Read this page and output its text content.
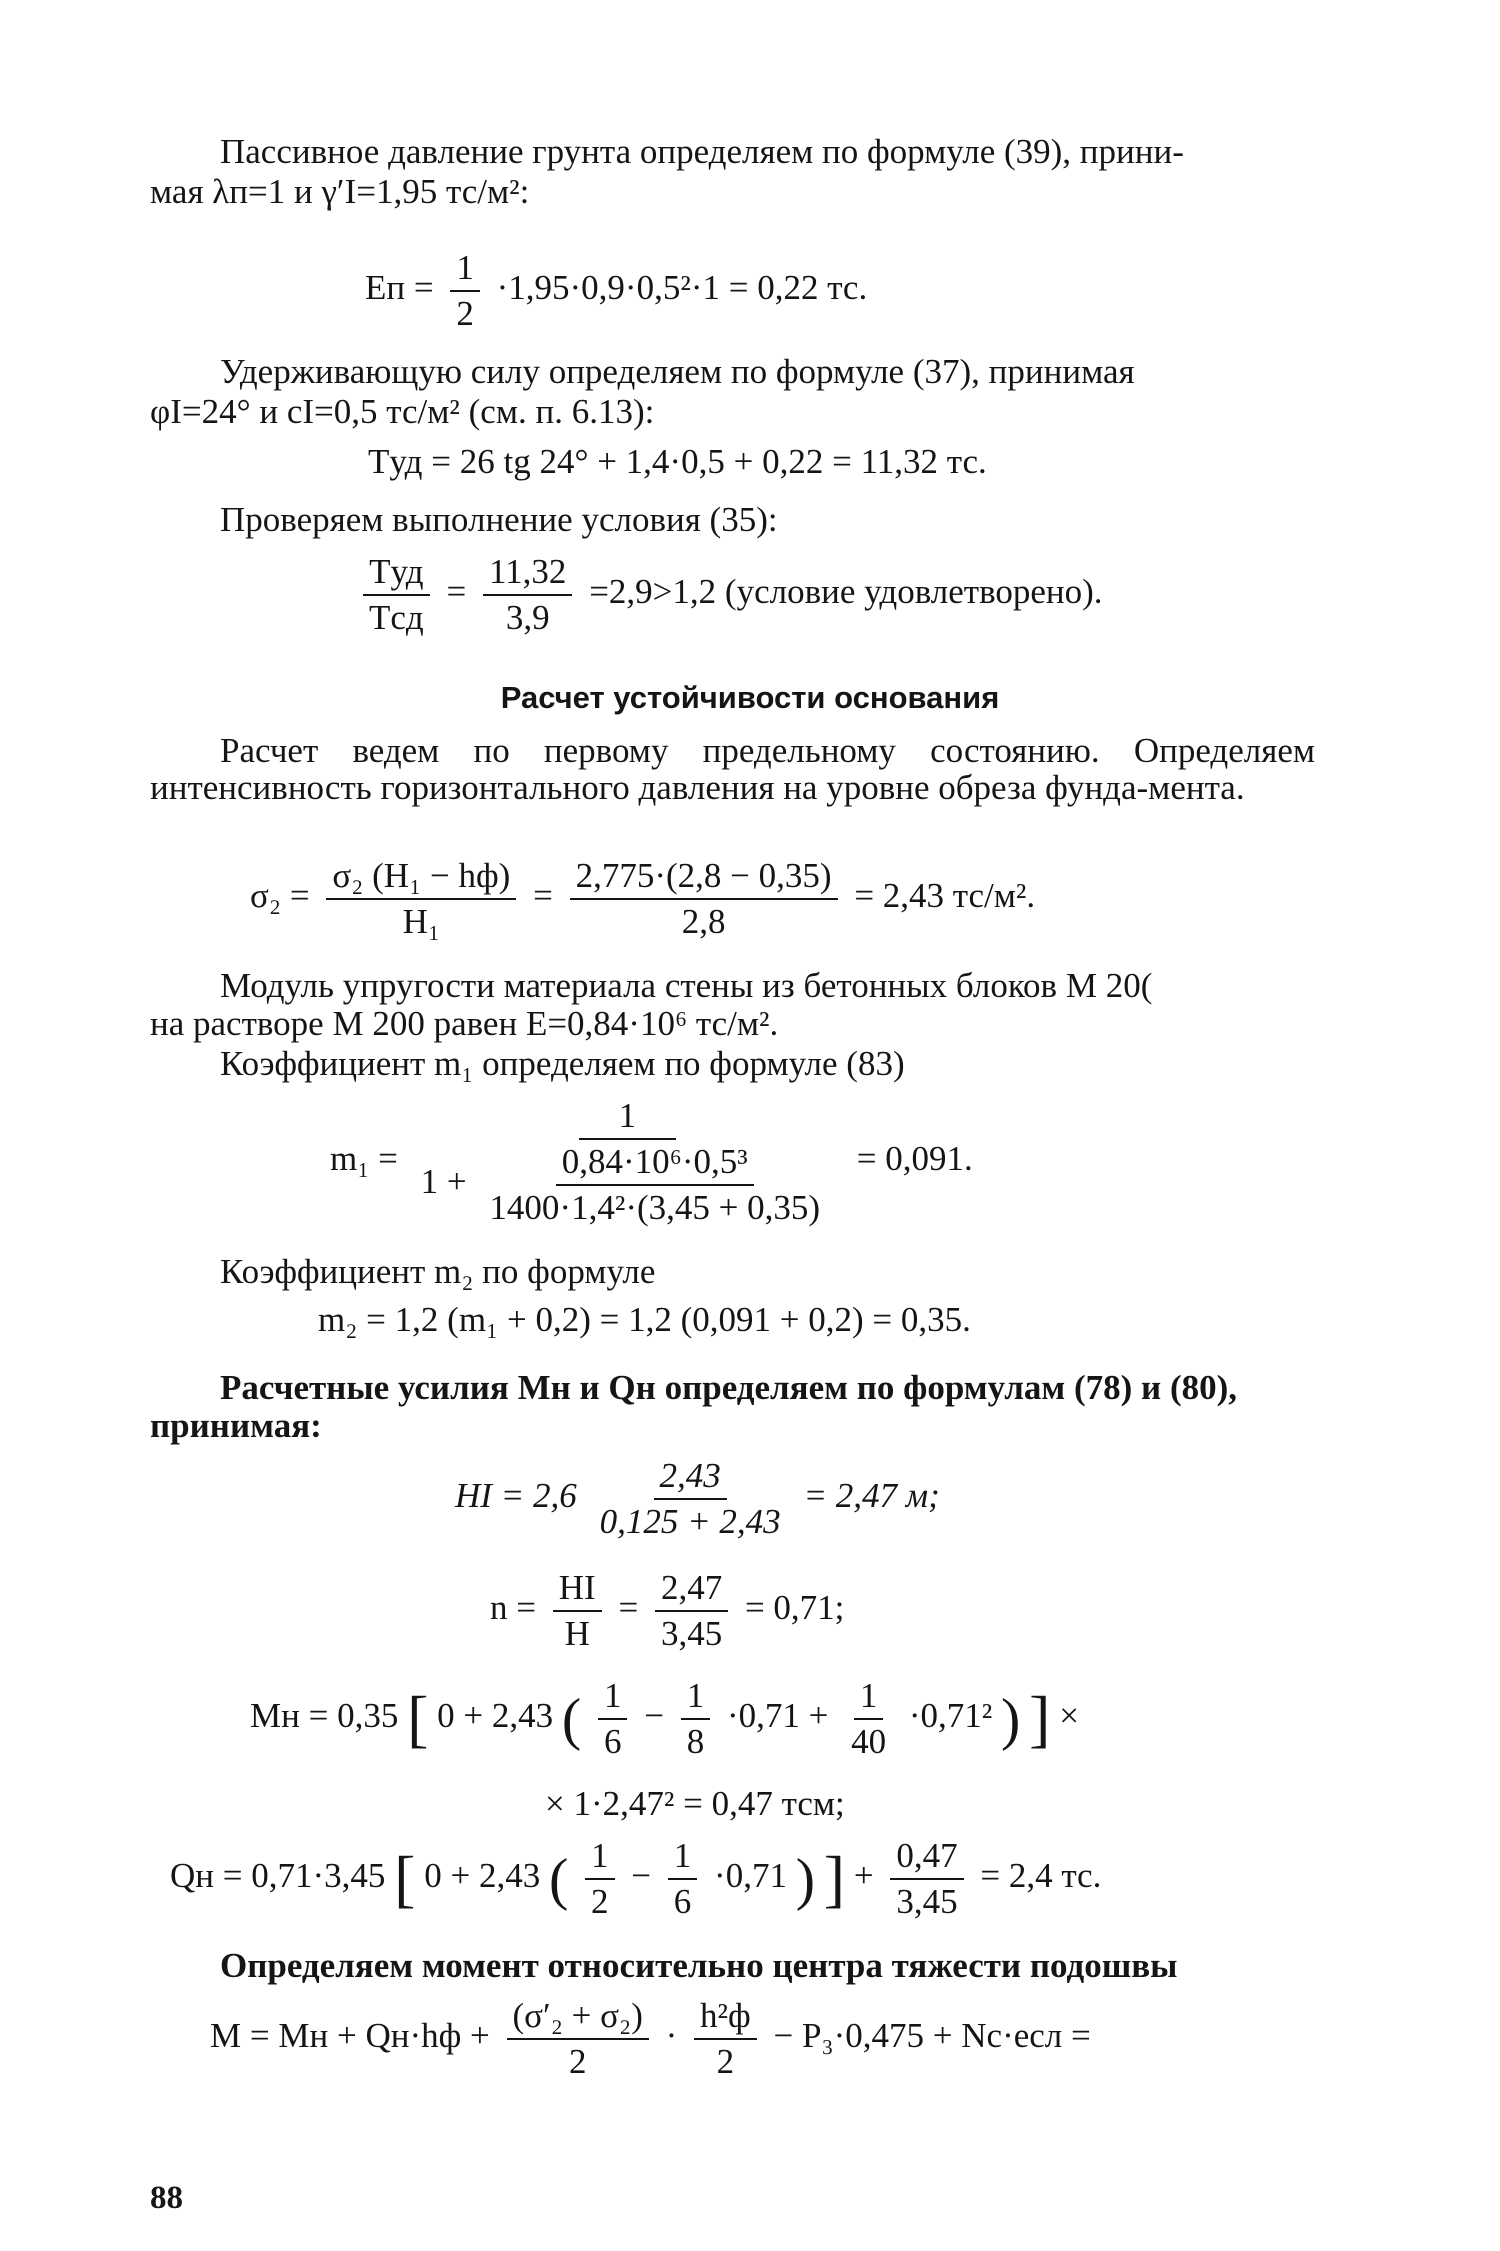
Пассивное давление грунта определяем по формуле (39), прини-
мая λп=1 и γ′I=1,95 тс/м²:
Eп = $\frac{1}{2} \cdot 1,95\cdot 0,9\cdot 0,5^2\cdot 1 = 0,22$ тс.
Удерживающую силу определяем по формуле (37), принимая
φI=24° и cI=0,5 тс/м² (см. п. 6.13):
Tуд = 26 tg 24° + 1,4·0,5 + 0,22 = 11,32 тс.
Проверяем выполнение условия (35):
$\frac{\text{Tуд}}{\text{Tсд}} = \frac{11,32}{3,9} =2,9>1,2$ (условие удовлетворено).
Расчет устойчивости основания
Расчет ведем по первому предельному состоянию. Определяем интенсивность горизонтального давления на уровне обреза фунда-мента.
$\sigma_2 = \frac{\text{σ₂ (H₁ − hф)}}{\text{H₁}} = \frac{2,775\cdot(2,8 - 0,35)}{2,8} = 2,43$ тс/м².
Модуль упругости материала стены из бетонных блоков М 20(
на растворе М 200 равен E=0,84·10⁶ тс/м².
Коэффициент m₁ определяем по формуле (83)
m₁ =
1
$1 + \frac{\text{0,84·10⁶·0,5³}}{\text{1400·1,4²·(3,45 + 0,35)}} = 0,091$.
Коэффициент m₂ по формуле
m₂ = 1,2 (m₁ + 0,2) = 1,2 (0,091 + 0,2) = 0,35.
Расчетные усилия Mн и Qн определяем по формулам (78) и (80),
принимая:
HI = $2,6 \frac{2,43}{0,125 + 2,43} = 2,47$ м;
$n = \frac{HI}{H} = \frac{2,47}{3,45} = 0,71$;
Mн = 0,35 [ 0 + 2,43 ( $\frac{1}{6} - \frac{1}{8} \cdot 0,71 + \frac{1}{40} \cdot 0,71^2$ ) ] ×
× 1·2,47² = 0,47 тсм;
Qн = 0,71·3,45 [ 0 + 2,43 ( $\frac{1}{2} - \frac{1}{6} \cdot 0,71$ ) ] + $\frac{0,47}{3,45} = 2,4$ тс.
Определяем момент относительно центра тяжести подошвы
M = Mн + $Qн\cdot hф + \frac{\text{(σ′₂ + σ₂)}}{2} \cdot \frac{\text{h²ф}}{2} - P_3\cdot 0,475 + Nс\cdot eсл$ =
88
